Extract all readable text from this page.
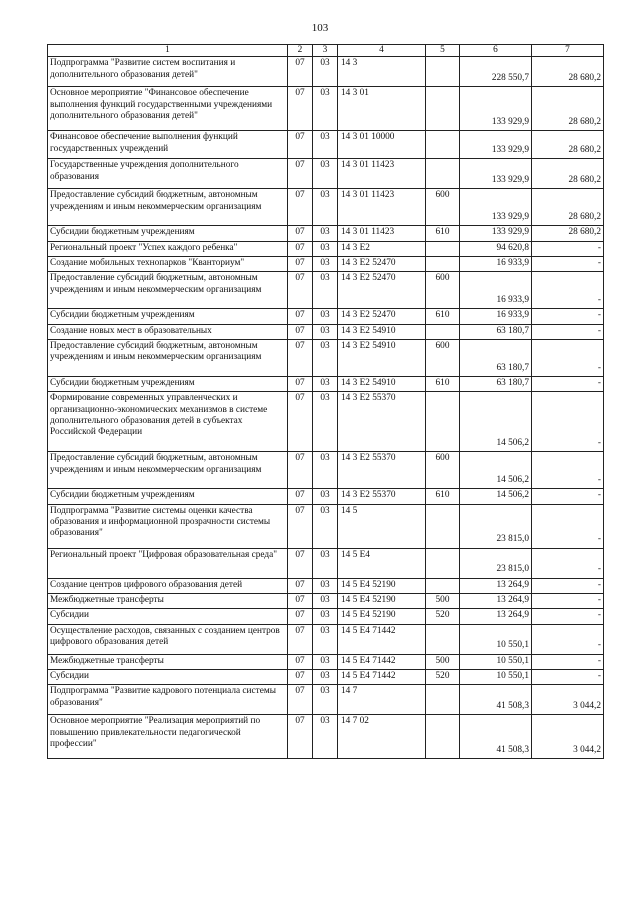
103
1	2	3	4	5	6	7
Подпрограмма "Развитие систем воспитания и дополнительного образования детей"	07	03	14 3		228 550,7	28 680,2
Основное мероприятие "Финансовое обеспечение выполнения функций государственными учреждениями дополнительного образования детей"	07	03	14 3 01		133 929,9	28 680,2
Финансовое обеспечение выполнения функций государственных учреждений	07	03	14 3 01 10000		133 929,9	28 680,2
Государственные учреждения дополнительного образования	07	03	14 3 01 11423		133 929,9	28 680,2
Предоставление субсидий бюджетным, автономным учреждениям и иным некоммерческим организациям	07	03	14 3 01 11423	600	133 929,9	28 680,2
Субсидии бюджетным учреждениям	07	03	14 3 01 11423	610	133 929,9	28 680,2
Региональный проект "Успех каждого ребенка"	07	03	14 3 E2		94 620,8	-
Создание мобильных технопарков "Кванториум"	07	03	14 3 E2 52470		16 933,9	-
Предоставление субсидий бюджетным, автономным учреждениям и иным некоммерческим организациям	07	03	14 3 E2 52470	600	16 933,9	-
Субсидии бюджетным учреждениям	07	03	14 3 E2 52470	610	16 933,9	-
Создание новых мест в образовательных	07	03	14 3 E2 54910		63 180,7	-
Предоставление субсидий бюджетным, автономным учреждениям и иным некоммерческим организациям	07	03	14 3 E2 54910	600	63 180,7	-
Субсидии бюджетным учреждениям	07	03	14 3 E2 54910	610	63 180,7	-
Формирование современных управленческих и организационно-экономических механизмов в системе дополнительного образования детей в субъектах Российской Федерации	07	03	14 3 E2 55370		14 506,2	-
Предоставление субсидий бюджетным, автономным учреждениям и иным некоммерческим организациям	07	03	14 3 E2 55370	600	14 506,2	-
Субсидии бюджетным учреждениям	07	03	14 3 E2 55370	610	14 506,2	-
Подпрограмма "Развитие системы оценки качества образования и информационной прозрачности системы образования"	07	03	14 5		23 815,0	-
Региональный проект "Цифровая образовательная среда"	07	03	14 5 E4		23 815,0	-
Создание центров цифрового образования детей	07	03	14 5 E4 52190		13 264,9	-
Межбюджетные трансферты	07	03	14 5 E4 52190	500	13 264,9	-
Субсидии	07	03	14 5 E4 52190	520	13 264,9	-
Осуществление расходов, связанных с созданием центров цифрового образования детей	07	03	14 5 E4 71442		10 550,1	-
Межбюджетные трансферты	07	03	14 5 E4 71442	500	10 550,1	-
Субсидии	07	03	14 5 E4 71442	520	10 550,1	-
Подпрограмма "Развитие кадрового потенциала системы образования"	07	03	14 7		41 508,3	3 044,2
Основное мероприятие "Реализация мероприятий по повышению привлекательности педагогической профессии"	07	03	14 7 02		41 508,3	3 044,2
